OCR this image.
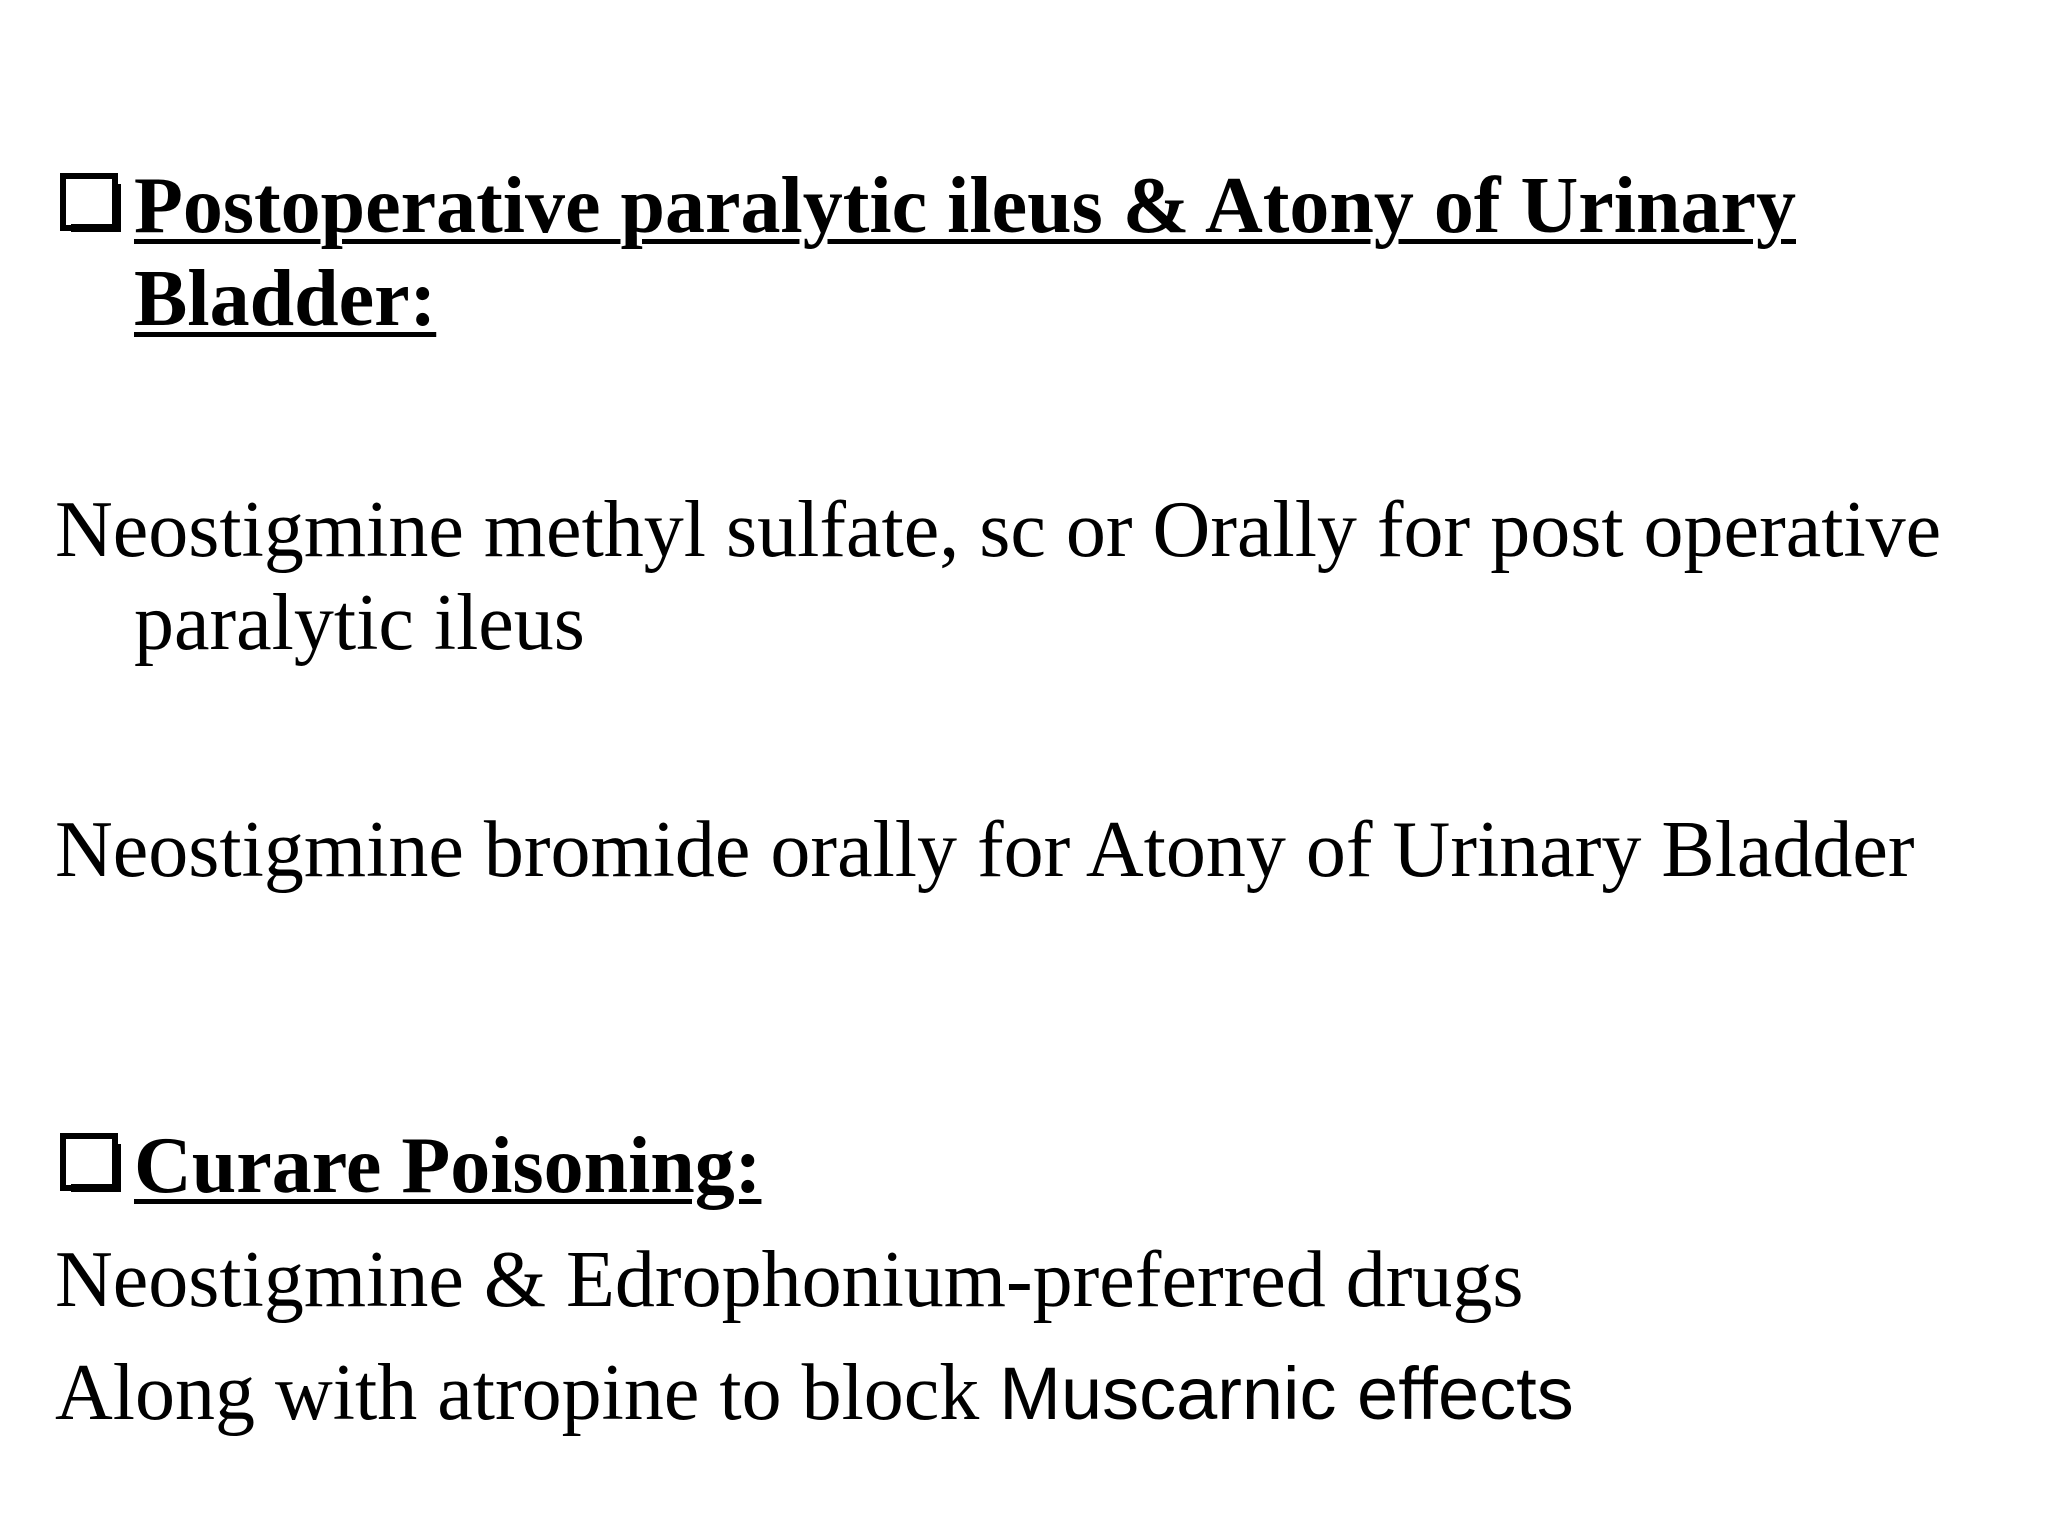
Postoperative paralytic ileus & Atony of Urinary Bladder:

Neostigmine methyl sulfate, sc or Orally for post operative paralytic ileus

Neostigmine bromide orally for Atony of Urinary Bladder

Curare Poisoning:

Neostigmine & Edrophonium-preferred drugs

Along with atropine to block Muscarnic effects
